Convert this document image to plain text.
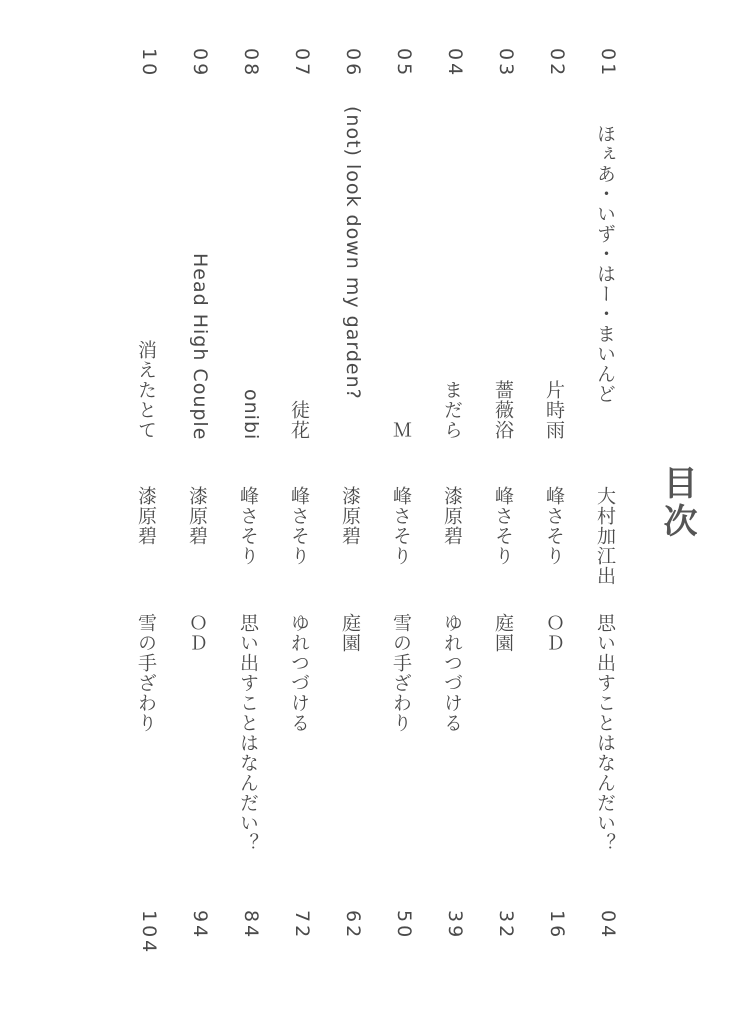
目次
01
ほぇあ・いず・はー・まいんど
大村加江出
思い出すことはなんだい？
04
02
片時雨
峰さそり
ＯＤ
16
03
薔薇浴
峰さそり
庭園
32
04
まだら
漆原碧
ゆれつづける
39
05
Ｍ
峰さそり
雪の手ざわり
50
06
(not) look down my garden?
漆原碧
庭園
62
07
徒花
峰さそり
ゆれつづける
72
08
onibi
峰さそり
思い出すことはなんだい？
84
09
Head High Couple
漆原碧
ＯＤ
94
10
消えたとて
漆原碧
雪の手ざわり
104
